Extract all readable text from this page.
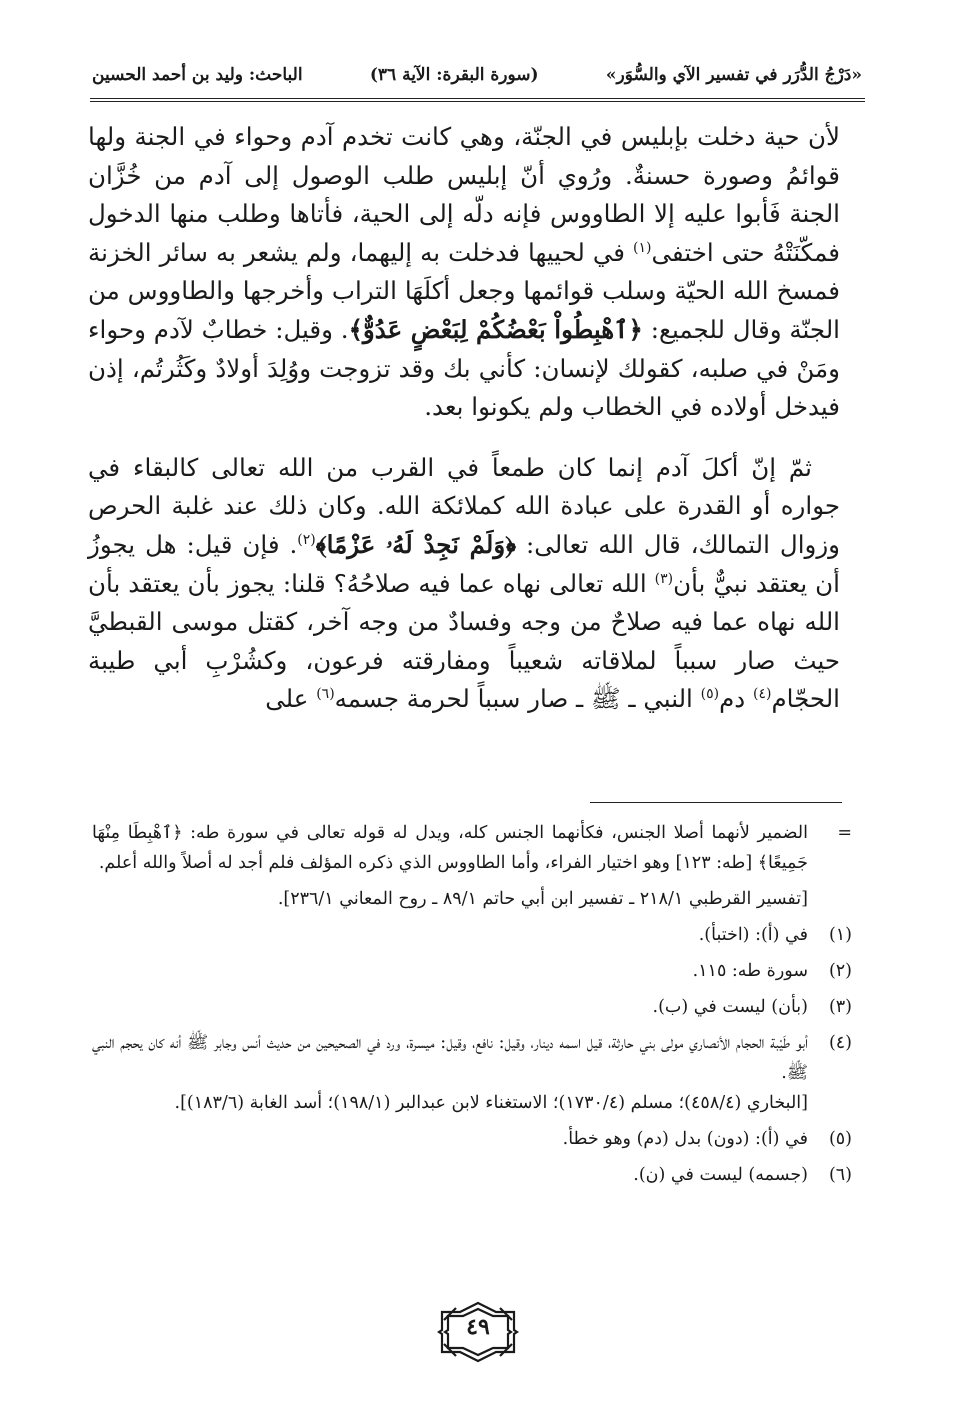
«دَرْجُ الدُّرَر في تفسير الآي والسُّوَر»
(سورة البقرة: الآية ٣٦)
الباحث: وليد بن أحمد الحسين

لأن حية دخلت بإبليس في الجنّة، وهي كانت تخدم آدم وحواء في الجنة ولها قوائمُ وصورة حسنةٌ. ورُوي أنّ إبليس طلب الوصول إلى آدم من خُزَّان الجنة فَأبوا عليه إلا الطاووس فإنه دلّه إلى الحية، فأتاها وطلب منها الدخول فمكّنَتْهُ حتى اختفى$^{(١)}$ في لحييها فدخلت به إليهما، ولم يشعر به سائر الخزنة فمسخ الله الحيّة وسلب قوائمها وجعل أكلَهَا التراب وأخرجها والطاووس من الجنّة وقال للجميع: ﴿ٱهْبِطُواْ بَعْضُكُمْ لِبَعْضٍ عَدُوٌّ﴾. وقيل: خطابٌ لآدم وحواء ومَنْ في صلبه، كقولك لإنسان: كأني بك وقد تزوجت ووُلِدَ أولادٌ وكَثُرتُم، إذن فيدخل أولاده في الخطاب ولم يكونوا بعد.

ثمّ إنّ أكلَ آدم إنما كان طمعاً في القرب من الله تعالى كالبقاء في جواره أو القدرة على عبادة الله كملائكة الله. وكان ذلك عند غلبة الحرص وزوال التمالك، قال الله تعالى: ﴿وَلَمْ نَجِدْ لَهُۥ عَزْمًا﴾$^{(٢)}$. فإن قيل: هل يجوزُ أن يعتقد نبيٌّ بأن$^{(٣)}$ الله تعالى نهاه عما فيه صلاحُهُ؟ قلنا: يجوز بأن يعتقد بأن الله نهاه عما فيه صلاحٌ من وجه وفسادٌ من وجه آخر، كقتل موسى القبطيَّ حيث صار سبباً لملاقاته شعيباً ومفارقته فرعون، وكشُرْبِ أبي طيبة الحجّام$^{(٤)}$ دم$^{(٥)}$ النبي ـ ﷺ ـ صار سبباً لحرمة جسمه$^{(٦)}$ على

=
الضمير لأنهما أصلا الجنس، فكأنهما الجنس كله، ويدل له قوله تعالى في سورة طه: ﴿ٱهْبِطَا مِنْهَا جَمِيعًا﴾ [طه: ١٢٣] وهو اختيار الفراء، وأما الطاووس الذي ذكره المؤلف فلم أجد له أصلاً والله أعلم.
[تفسير القرطبي ٢١٨/١ ـ تفسير ابن أبي حاتم ٨٩/١ ـ روح المعاني ٢٣٦/١].
(١)
في (أ): (اختبأ).
(٢)
سورة طه: ١١٥.
(٣)
(بأن) ليست في (ب).
(٤)
أبو طَيْبة الحجام الأنصاري مولى بني حارثة، قيل اسمه دينار، وقيل: نافع، وقيل: ميسرة، ورد في الصحيحين من حديث أنس وجابر ﷺ أنه كان يحجم النبي ﷺ.
[البخاري (٤٥٨/٤)؛ مسلم (١٧٣٠/٤)؛ الاستغناء لابن عبدالبر (١٩٨/١)؛ أسد الغابة (١٨٣/٦)].
(٥)
في (أ): (دون) بدل (دم) وهو خطأ.
(٦)
(جسمه) ليست في (ن).
٤٩
